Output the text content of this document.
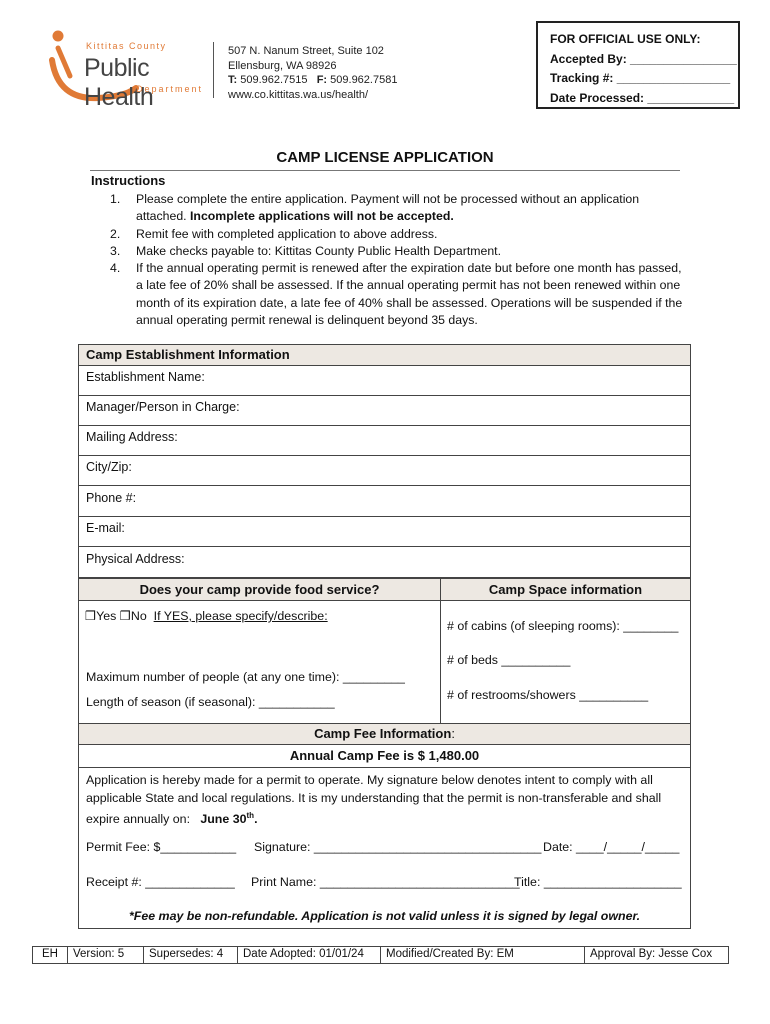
Kittitas County
Public Health
Department
507 N. Nanum Street, Suite 102
Ellensburg, WA 98926
T: 509.962.7515 F: 509.962.7581
www.co.kittitas.wa.us/health/
FOR OFFICIAL USE ONLY:
Accepted By: ________________
Tracking #: _________________
Date Processed: _____________
CAMP LICENSE APPLICATION
Instructions
1.	Please complete the entire application. Payment will not be processed without an application attached. Incomplete applications will not be accepted.
2.	Remit fee with completed application to above address.
3.	Make checks payable to: Kittitas County Public Health Department.
4.	If the annual operating permit is renewed after the expiration date but before one month has passed, a late fee of 20% shall be assessed. If the annual operating permit has not been renewed within one month of its expiration date, a late fee of 40% shall be assessed. Operations will be suspended if the annual operating permit renewal is delinquent beyond 35 days.
Camp Establishment Information
Establishment Name:
Manager/Person in Charge:
Mailing Address:
City/Zip:
Phone #:
E-mail:
Physical Address:
Does your camp provide food service?	Camp Space information
❒Yes ❒No If YES, please specify/describe:
Maximum number of people (at any one time): _________
Length of season (if seasonal): ___________
# of cabins (of sleeping rooms): ________
# of beds __________
# of restrooms/showers __________
Camp Fee Information:
Annual Camp Fee is $ 1,480.00
Application is hereby made for a permit to operate. My signature below denotes intent to comply with all applicable State and local regulations. It is my understanding that the permit is non-transferable and shall expire annually on: June 30th.
Permit Fee: $___________ Signature: _________________________________ Date: ____/_____/_____
Receipt #: _____________ Print Name: _____________________________
Title: ____________________
*Fee may be non-refundable. Application is not valid unless it is signed by legal owner.
EH	Version: 5	Supersedes: 4	Date Adopted: 01/01/24	Modified/Created By: EM	Approval By: Jesse Cox
